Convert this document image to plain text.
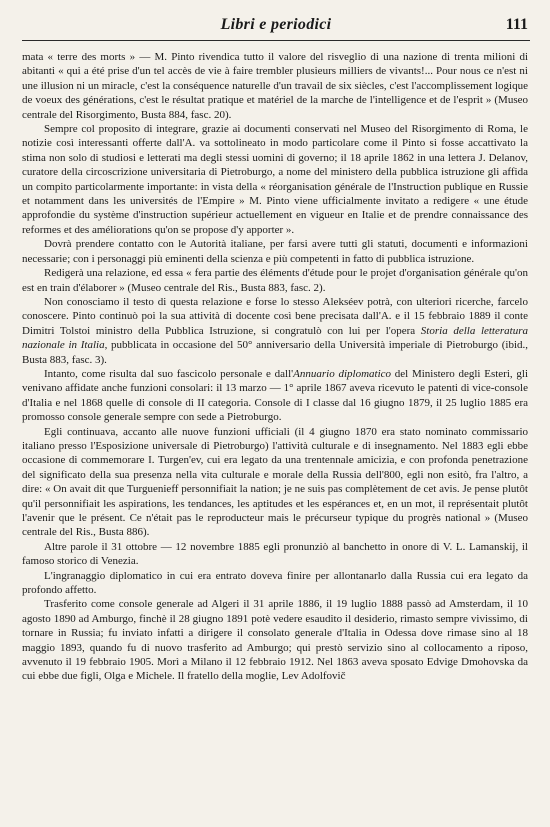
Libri e periodici	111

mata « terre des morts » — M. Pinto rivendica tutto il valore del risveglio di una nazione di trenta milioni di abitanti « qui a été prise d'un tel accès de vie à faire trembler plusieurs milliers de vivants!... Pour nous ce n'est ni une illusion ni un miracle, c'est la conséquence naturelle d'un travail de six siècles, c'est l'accomplissement logique de voeux des générations, c'est le résultat pratique et matériel de la marche de l'intelligence et de l'esprit » (Museo centrale del Risorgimento, Busta 884, fasc. 20).

Sempre col proposito di integrare, grazie ai documenti conservati nel Museo del Risorgimento di Roma, le notizie così interessanti offerte dall'A. va sottolineato in modo particolare come il Pinto si fosse accattivato la stima non solo di studiosi e letterati ma degli stessi uomini di governo; il 18 aprile 1862 in una lettera J. Delanov, curatore della circoscrizione universitaria di Pietroburgo, a nome del ministero della pubblica istruzione gli affida un compito particolarmente importante: in vista della « réorganisation générale de l'Instruction publique en Russie et notamment dans les universités de l'Empire » M. Pinto viene ufficialmente invitato a redigere « une étude approfondie du système d'instruction supérieur actuellement en vigueur en Italie et de prendre connaissance des reformes et des améliorations qu'on se propose d'y apporter ».

Dovrà prendere contatto con le Autorità italiane, per farsi avere tutti gli statuti, documenti e informazioni necessarie; con i personaggi più eminenti della scienza e più competenti in fatto di pubblica istruzione.

Redigerà una relazione, ed essa « fera partie des éléments d'étude pour le projet d'organisation générale qu'on est en train d'élaborer » (Museo centrale del Ris., Busta 883, fasc. 2).

Non conosciamo il testo di questa relazione e forse lo stesso Alekséev potrà, con ulteriori ricerche, farcelo conoscere. Pinto continuò poi la sua attività di docente così bene precisata dall'A. e il 15 febbraio 1889 il conte Dimitri Tolstoi ministro della Pubblica Istruzione, si congratulò con lui per l'opera Storia della letteratura nazionale in Italia, pubblicata in occasione del 50° anniversario della Università imperiale di Pietroburgo (ibid., Busta 883, fasc. 3).

Intanto, come risulta dal suo fascicolo personale e dall'Annuario diplomatico del Ministero degli Esteri, gli venivano affidate anche funzioni consolari: il 13 marzo — 1° aprile 1867 aveva ricevuto le patenti di vice-console d'Italia e nel 1868 quelle di console di II categoria. Console di I classe dal 16 giugno 1879, il 25 luglio 1885 era promosso console generale sempre con sede a Pietroburgo.

Egli continuava, accanto alle nuove funzioni ufficiali (il 4 giugno 1870 era stato nominato commissario italiano presso l'Esposizione universale di Pietroburgo) l'attività culturale e di insegnamento. Nel 1883 egli ebbe occasione di commemorare I. Turgen'ev, cui era legato da una trentennale amicizia, e con profonda penetrazione del significato della sua presenza nella vita culturale e morale della Russia dell'800, egli non esitò, fra l'altro, a dire: « On avait dit que Turguenieff personnifiait la nation; je ne suis pas complètement de cet avis. Je pense plutôt qu'il personnifiait les aspirations, les tendances, les aptitudes et les espérances et, en un mot, il représentait plutôt l'avenir que le présent. Ce n'était pas le reproducteur mais le précurseur typique du progrès national » (Museo centrale del Ris., Busta 886).

Altre parole il 31 ottobre — 12 novembre 1885 egli pronunziò al banchetto in onore di V. L. Lamanskij, il famoso storico di Venezia.

L'ingranaggio diplomatico in cui era entrato doveva finire per allontanarlo dalla Russia cui era legato da profondo affetto.

Trasferito come console generale ad Algeri il 31 aprile 1886, il 19 luglio 1888 passò ad Amsterdam, il 10 agosto 1890 ad Amburgo, finchè il 28 giugno 1891 potè vedere esaudito il desiderio, rimasto sempre vivissimo, di tornare in Russia; fu inviato infatti a dirigere il consolato generale d'Italia in Odessa dove rimase sino al 18 maggio 1893, quando fu di nuovo trasferito ad Amburgo; qui prestò servizio sino al collocamento a riposo, avvenuto il 19 febbraio 1905. Morì a Milano il 12 febbraio 1912. Nel 1863 aveva sposato Edvige Dmohovska da cui ebbe due figli, Olga e Michele. Il fratello della moglie, Lev Adolfovič
